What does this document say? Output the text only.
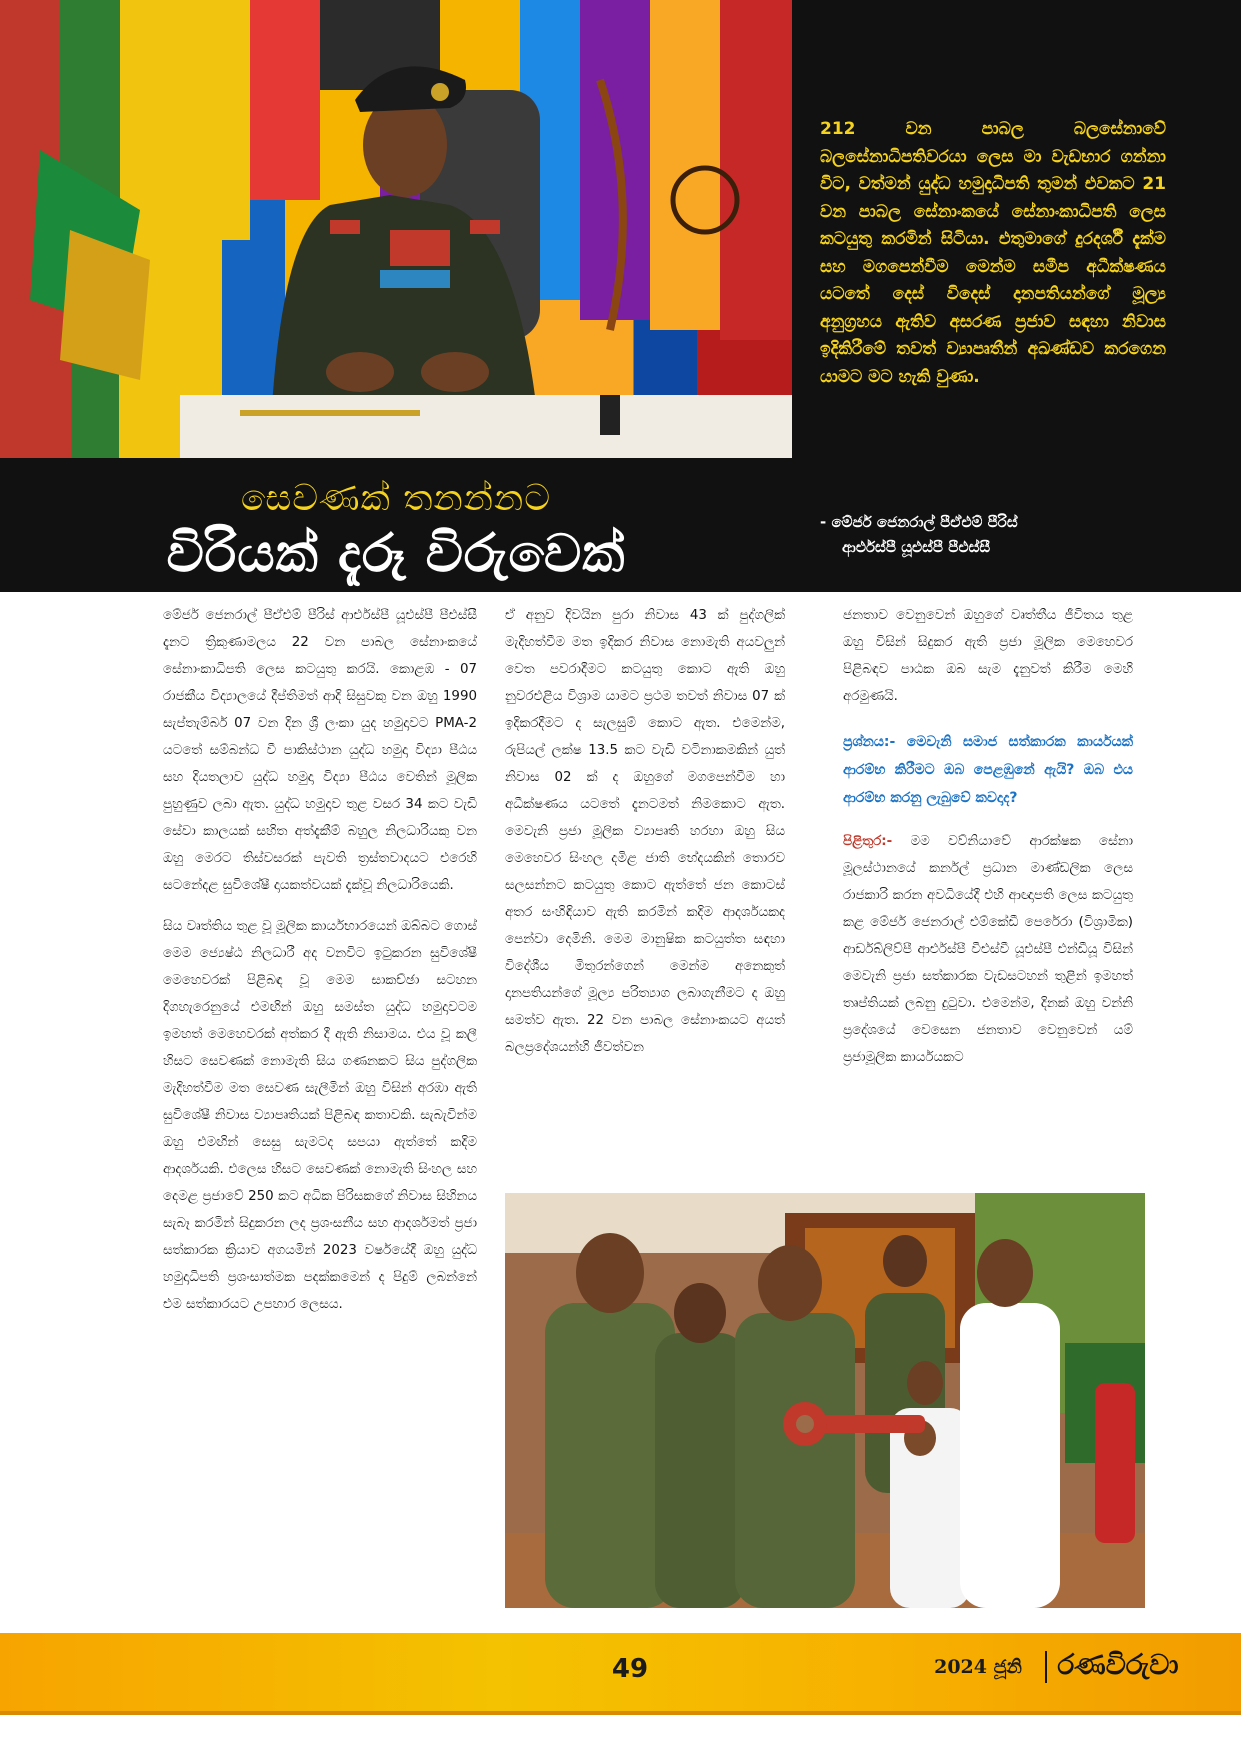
212 වන පාබල බලසේනාවේ බලසේනාධිපතිවරයා ලෙස මා වැඩභාර ගන්නා විට, වත්මන් යුද්ධ හමුදාධිපති තුමන් එවකට 21 වන පාබල සේනාංකයේ සේනාංකාධිපති ලෙස කටයුතු කරමින් සිටියා. එතුමාගේ දුරදර්ශී දැක්ම සහ මගපෙන්වීම මෙන්ම සමීප අධීක්ෂණය යටතේ දෙස් විදෙස් දානපතියන්ගේ මූල්‍ය අනුග්‍රහය ඇතිව අසරණ ප්‍රජාව සඳහා නිවාස ඉදිකිරීමේ තවත් ව්‍යාපෘතීන් අඛණ්ඩව කරගෙන යාමට මට හැකි වුණා.
- මේජර් ජෙනරාල් පීඒඑම් පීරිස්
ආර්එස්පී යූඑස්පී පීඑස්සී
සෙවණක් තනන්නට
විරියක් දැරූ විරුවෙක්

මේජර් ජෙනරාල් පීඒඑම් පීරිස් ආර්එස්පී යූඑස්පී පීඑස්සී දැනට ත්‍රිකුණාමලය 22 වන පාබල සේනාංකයේ සේනාංකාධිපති ලෙස කටයුතු කරයි. කොළඹ - 07 රාජකීය විද්‍යාලයේ දීප්තිමත් ආදි සිසුවකු වන ඔහු 1990 සැප්තැම්බර් 07 වන දින ශ්‍රී ලංකා යුද හමුදාවට PMA-2 යටතේ සම්බන්ධ වී පාකිස්ථාන යුද්ධ හමුදා විද්‍යා පීඨය සහ දියතලාව යුද්ධ හමුදා විද්‍යා පීඨය වෙතින් මූලික පුහුණුව ලබා ඇත. යුද්ධ හමුදාව තුළ වසර 34 කට වැඩි සේවා කාලයක් සහිත අත්දැකීම් බහුල නිලධාරියකු වන ඔහු මෙරට තිස්වසරක් පැවති ත්‍රස්තවාදයට එරෙහි සටනේදළ සුවිශේෂී දායකත්වයක් දැක්වූ නිලධාරියෙකි.

සිය වෘත්තිය තුළ වූ මූලික කාර්යභාරයෙන් ඔබ්බට ගොස් මෙම ජ්‍යෙෂ්ඨ නිලධාරී අද වනවිට ඉටුකරන සුවිශේෂී මෙහෙවරක් පිළිබඳ වූ මෙම සාකච්ඡා සටහන දිගහැරෙනුයේ එමඟින් ඔහු සමස්ත යුද්ධ හමුදාවටම ඉමහත් මෙහෙවරක් අත්කර දී ඇති නිසාමය. එය වූ කලී හිසට සෙවණක් නොමැති සිය ගණනකට සිය පුද්ගලික මැදිහත්වීම මත සෙවණ සැලීමින් ඔහු විසින් අරඹා ඇති සුවිශේෂී නිවාස ව්‍යාපෘතියක් පිළිබඳ කතාවකි. සැබැවින්ම ඔහු එමඟින් සෙසු සැමටද සපයා ඇත්තේ කදිම ආදර්ශයකි. එලෙස හිසට සෙවණක් නොමැති සිංහල සහ දෙමළ ප්‍රජාවේ 250 කට අධික පිරිසකගේ නිවාස සිහිනය සැබෑ කරමින් සිදුකරන ලද ප්‍රශංසනීය සහ ආදර්ශමත් ප්‍රජා සත්කාරක ක්‍රියාව අගයමින් 2023 වර්ෂයේදී ඔහු යුද්ධ හමුදාධිපති ප්‍රශංසාත්මක පදක්කමෙන් ද පිදුම් ලබන්නේ එම සත්කාරයට උපහාර ලෙසය.

ඒ අනුව දිවයින පුරා නිවාස 43 ක් පුද්ගලික් මැදිහත්වීම මත ඉදිකර නිවාස නොමැති අයවලුන් වෙත පවරාදීමට කටයුතු කොට ඇති ඔහු නුවරඑළිය විශ්‍රාම යාමට ප්‍රථම තවත් නිවාස 07 ක් ඉදිකරදීමට ද සැලසුම් කොට ඇත. එමෙන්ම, රුපියල් ලක්ෂ 13.5 කට වැඩි වටිනාකමකින් යුත් නිවාස 02 ක් ද ඔහුගේ මගපෙන්වීම හා අධීක්ෂණය යටතේ දැනටමත් නිමකොට ඇත. මෙවැනි ප්‍රජා මූලික ව්‍යාපෘති හරහා ඔහු සිය මෙහෙවර සිංහල දමිළ ජාති භේදයකින් තොරව සලසන්නට කටයුතු කොට ඇත්තේ ජන කොටස් අතර සංහිඳියාව ඇති කරමින් කදිම ආදර්ශයකද පෙන්වා දෙමිනි. මෙම මානුෂික කටයුත්ත සඳහා විදේශීය මිතුරන්ගෙන් මෙන්ම අනෙකුත් දානපතියන්ගේ මූල්‍ය පරිත්‍යාග ලබාගැනීමට ද ඔහු සමත්ව ඇත. 22 වන පාබල සේනාංකයට අයත් බලප්‍රදේශයන්හි ජීවත්වන

ජනතාව වෙනුවෙන් ඔහුගේ වෘත්තීය ජීවිතය තුළ ඔහු විසින් සිදුකර ඇති ප්‍රජා මූලික මෙහෙවර පිළිබඳව පාඨක ඔබ සැම දැනුවත් කිරීම මෙහි අරමුණයි.

ප්‍රශ්නය:- මෙවැනි සමාජ සත්කාරක කාර්යයක් ආරම්භ කිරීමට ඔබ පෙළඹුනේ ඇයි? ඔබ එය ආරම්භ කරනු ලැබුවේ කවදාද?

පිළිතුර:- මම වව්නියාවේ ආරක්ෂක සේනා මූලස්ථානයේ කර්නල් ප්‍රධාන මාණ්ඩලික ලෙස රාජකාරි කරන අවධියේදී එහි ආඥාපති ලෙස කටයුතු කළ මේජර් ජෙනරාල් එම්කේඩී පෙරේරා (විශ්‍රාමික) ආර්ඩබ්ලිව්පී ආර්එස්පී වීඑස්වී යූඑස්පී එන්ඩීයූ විසින් මෙවැනි ප්‍රජා සත්කාරක වැඩසටහන් තුළින් ඉමහත් තෘප්තියක් ලබනු දුටුවා. එමෙන්ම, දිනක් ඔහු වන්නි ප්‍රදේශයේ වෙසෙන ජනතාව වෙනුවෙන් යම් ප්‍රජාමූලික කාර්යයකට

49	2024 ජූනි	රණවිරුවා
